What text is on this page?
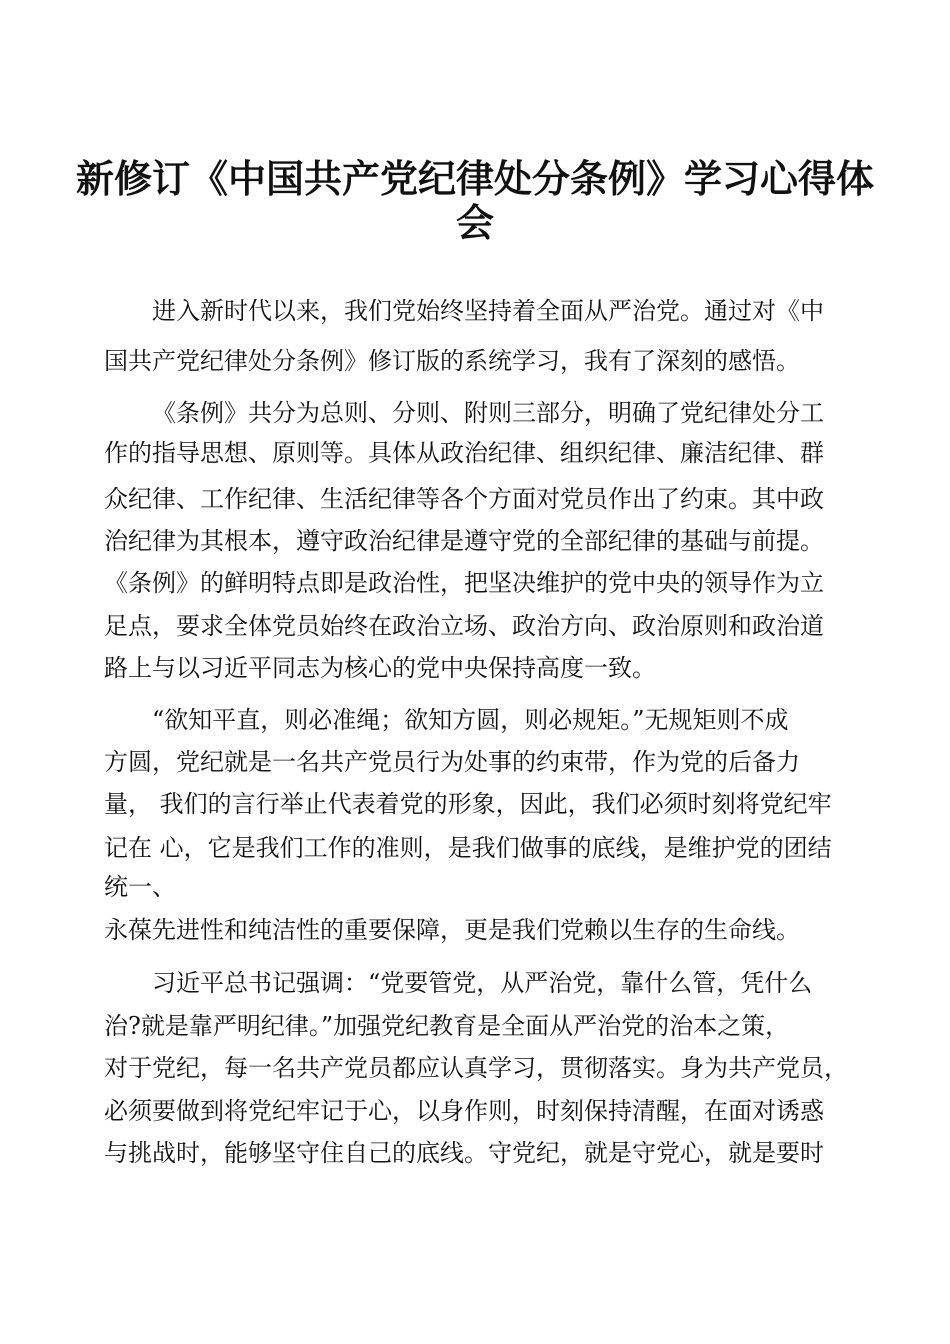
新修订《中国共产党纪律处分条例》学习心得体
会

进入新时代以来，我们党始终坚持着全面从严治党。通过对《中

国共产党纪律处分条例》修订版的系统学习，我有了深刻的感悟。

《条例》共分为总则、分则、附则三部分，明确了党纪律处分工

作的指导思想、原则等。具体从政治纪律、组织纪律、廉洁纪律、群

众纪律、工作纪律、生活纪律等各个方面对党员作出了约束。其中政

治纪律为其根本，遵守政治纪律是遵守党的全部纪律的基础与前提。

《条例》的鲜明特点即是政治性，把坚决维护的党中央的领导作为立

足点，要求全体党员始终在政治立场、政治方向、政治原则和政治道

路上与以习近平同志为核心的党中央保持高度一致。

“欲知平直，则必准绳；欲知方圆，则必规矩。”无规矩则不成

方圆，党纪就是一名共产党员行为处事的约束带，作为党的后备力

量， 我们的言行举止代表着党的形象，因此，我们必须时刻将党纪牢

记在 心，它是我们工作的准则，是我们做事的底线，是维护党的团结

统一、

永葆先进性和纯洁性的重要保障，更是我们党赖以生存的生命线。

习近平总书记强调：“党要管党，从严治党，靠什么管，凭什么

治?就是靠严明纪律。”加强党纪教育是全面从严治党的治本之策，

对于党纪，每一名共产党员都应认真学习，贯彻落实。身为共产党员，

必须要做到将党纪牢记于心，以身作则，时刻保持清醒，在面对诱惑

与挑战时，能够坚守住自己的底线。守党纪，就是守党心，就是要时
